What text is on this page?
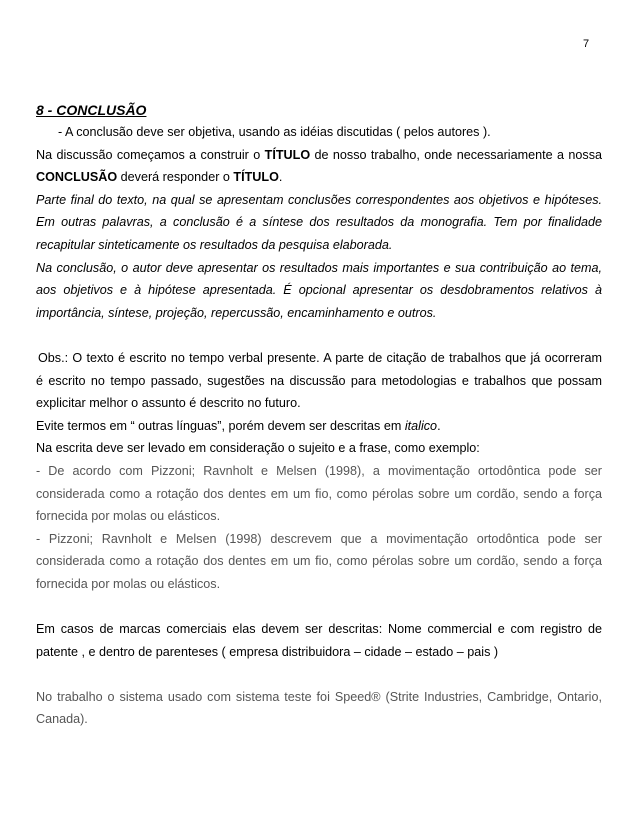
7

8 - CONCLUSÃO

- A conclusão deve ser objetiva, usando as idéias discutidas ( pelos autores ).

Na discussão começamos a construir o TÍTULO de nosso trabalho, onde necessariamente a nossa

CONCLUSÃO deverá responder o TÍTULO.

Parte final do texto, na qual se apresentam conclusões correspondentes aos objetivos e hipóteses.

Em outras palavras, a conclusão é a síntese dos resultados da monografia. Tem por finalidade

recapitular sinteticamente os resultados da pesquisa elaborada.

Na conclusão, o autor deve apresentar os resultados mais importantes e sua contribuição ao tema,

aos objetivos e à hipótese apresentada. É opcional apresentar os desdobramentos relativos à

importância, síntese, projeção, repercussão, encaminhamento e outros.

Obs.: O texto é escrito no tempo verbal presente. A parte de citação de trabalhos que já ocorreram

é escrito no tempo passado, sugestões na discussão para metodologias e trabalhos que possam

explicitar melhor o assunto é descrito no futuro.

Evite termos em “ outras línguas”, porém devem ser descritas em italico.

Na escrita deve ser levado em consideração o sujeito e a frase, como exemplo:

- De acordo com Pizzoni; Ravnholt e Melsen (1998), a movimentação ortodôntica pode ser

considerada como a rotação dos dentes em um fio, como pérolas sobre um cordão, sendo a força

fornecida por molas ou elásticos.

- Pizzoni; Ravnholt e Melsen (1998) descrevem que a movimentação ortodôntica pode ser

considerada como a rotação dos dentes em um fio, como pérolas sobre um cordão, sendo a força

fornecida por molas ou elásticos.

Em casos de marcas comerciais elas devem ser descritas: Nome commercial e com registro de

patente , e dentro de parenteses ( empresa distribuidora – cidade – estado – pais )

No trabalho o sistema usado com sistema teste foi Speed® (Strite Industries, Cambridge, Ontario,

Canada).
